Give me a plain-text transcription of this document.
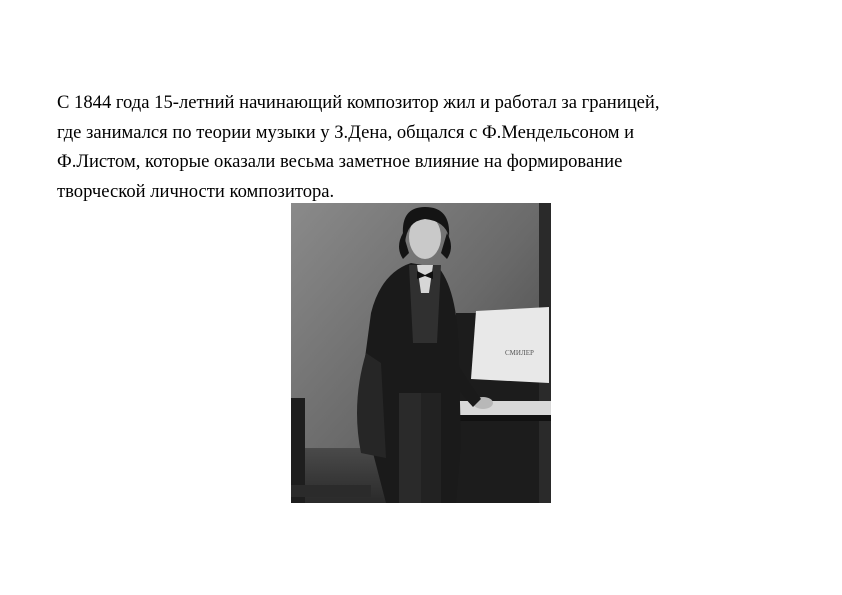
С 1844 года 15-летний начинающий композитор жил и работал за границей,
где занимался по теории музыки у З.Дена, общался с Ф.Мендельсоном и
Ф.Листом, которые оказали весьма заметное влияние на формирование
творческой личности композитора.
СМИЛЕР
